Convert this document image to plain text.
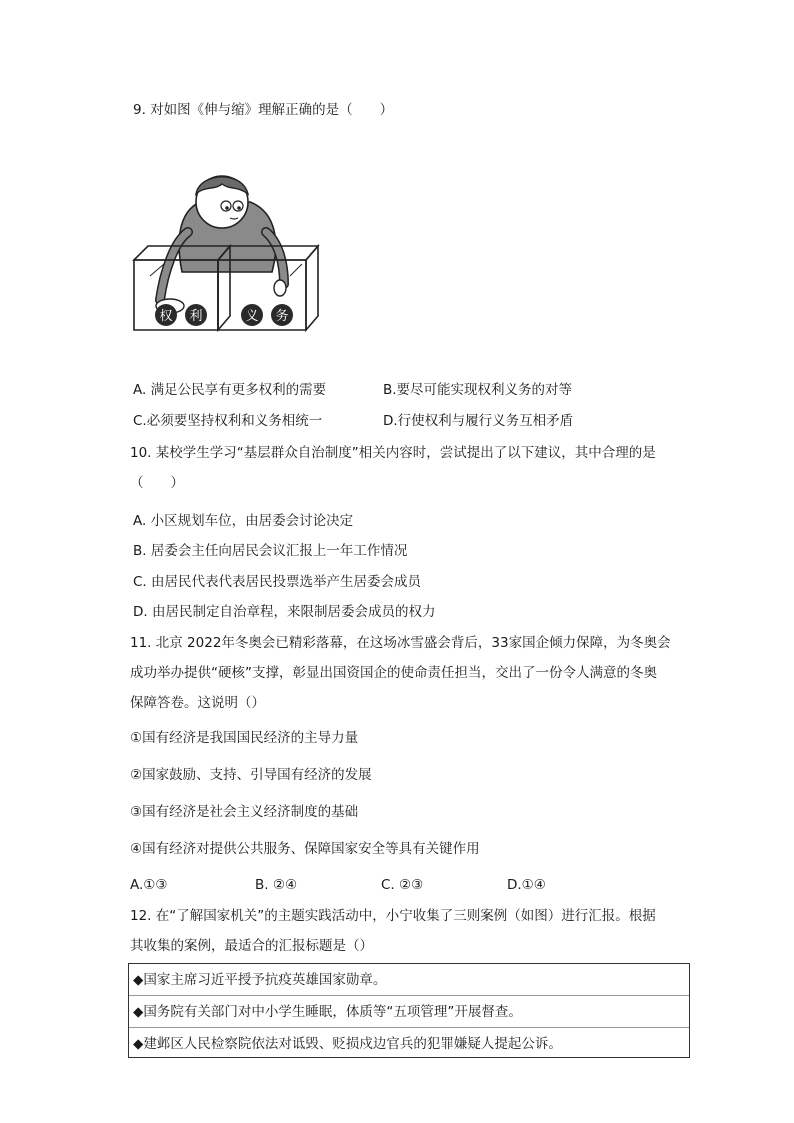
9. 对如图《伸与缩》理解正确的是（　　）
权 利	义 务
A. 满足公民享有更多权利的需要	B.要尽可能实现权利义务的对等
C.必须要坚持权利和义务相统一	D.行使权利与履行义务互相矛盾
10. 某校学生学习“基层群众自治制度”相关内容时，尝试提出了以下建议，其中合理的是
（　　）
A. 小区规划车位，由居委会讨论决定
B. 居委会主任向居民会议汇报上一年工作情况
C. 由居民代表代表居民投票选举产生居委会成员
D. 由居民制定自治章程，来限制居委会成员的权力
11. 北京 2022年冬奥会已精彩落幕，在这场冰雪盛会背后，33家国企倾力保障，为冬奥会
成功举办提供“硬核”支撑，彰显出国资国企的使命责任担当，交出了一份令人满意的冬奥
保障答卷。这说明（）
①国有经济是我国国民经济的主导力量
②国家鼓励、支持、引导国有经济的发展
③国有经济是社会主义经济制度的基础
④国有经济对提供公共服务、保障国家安全等具有关键作用
A.①③	B. ②④	C. ②③	D.①④
12. 在“了解国家机关”的主题实践活动中，小宁收集了三则案例（如图）进行汇报。根据
其收集的案例，最适合的汇报标题是（）
◆国家主席习近平授予抗疫英雄国家勋章。
◆国务院有关部门对中小学生睡眠，体质等“五项管理”开展督查。
◆建邺区人民检察院依法对诋毁、贬损戍边官兵的犯罪嫌疑人提起公诉。
